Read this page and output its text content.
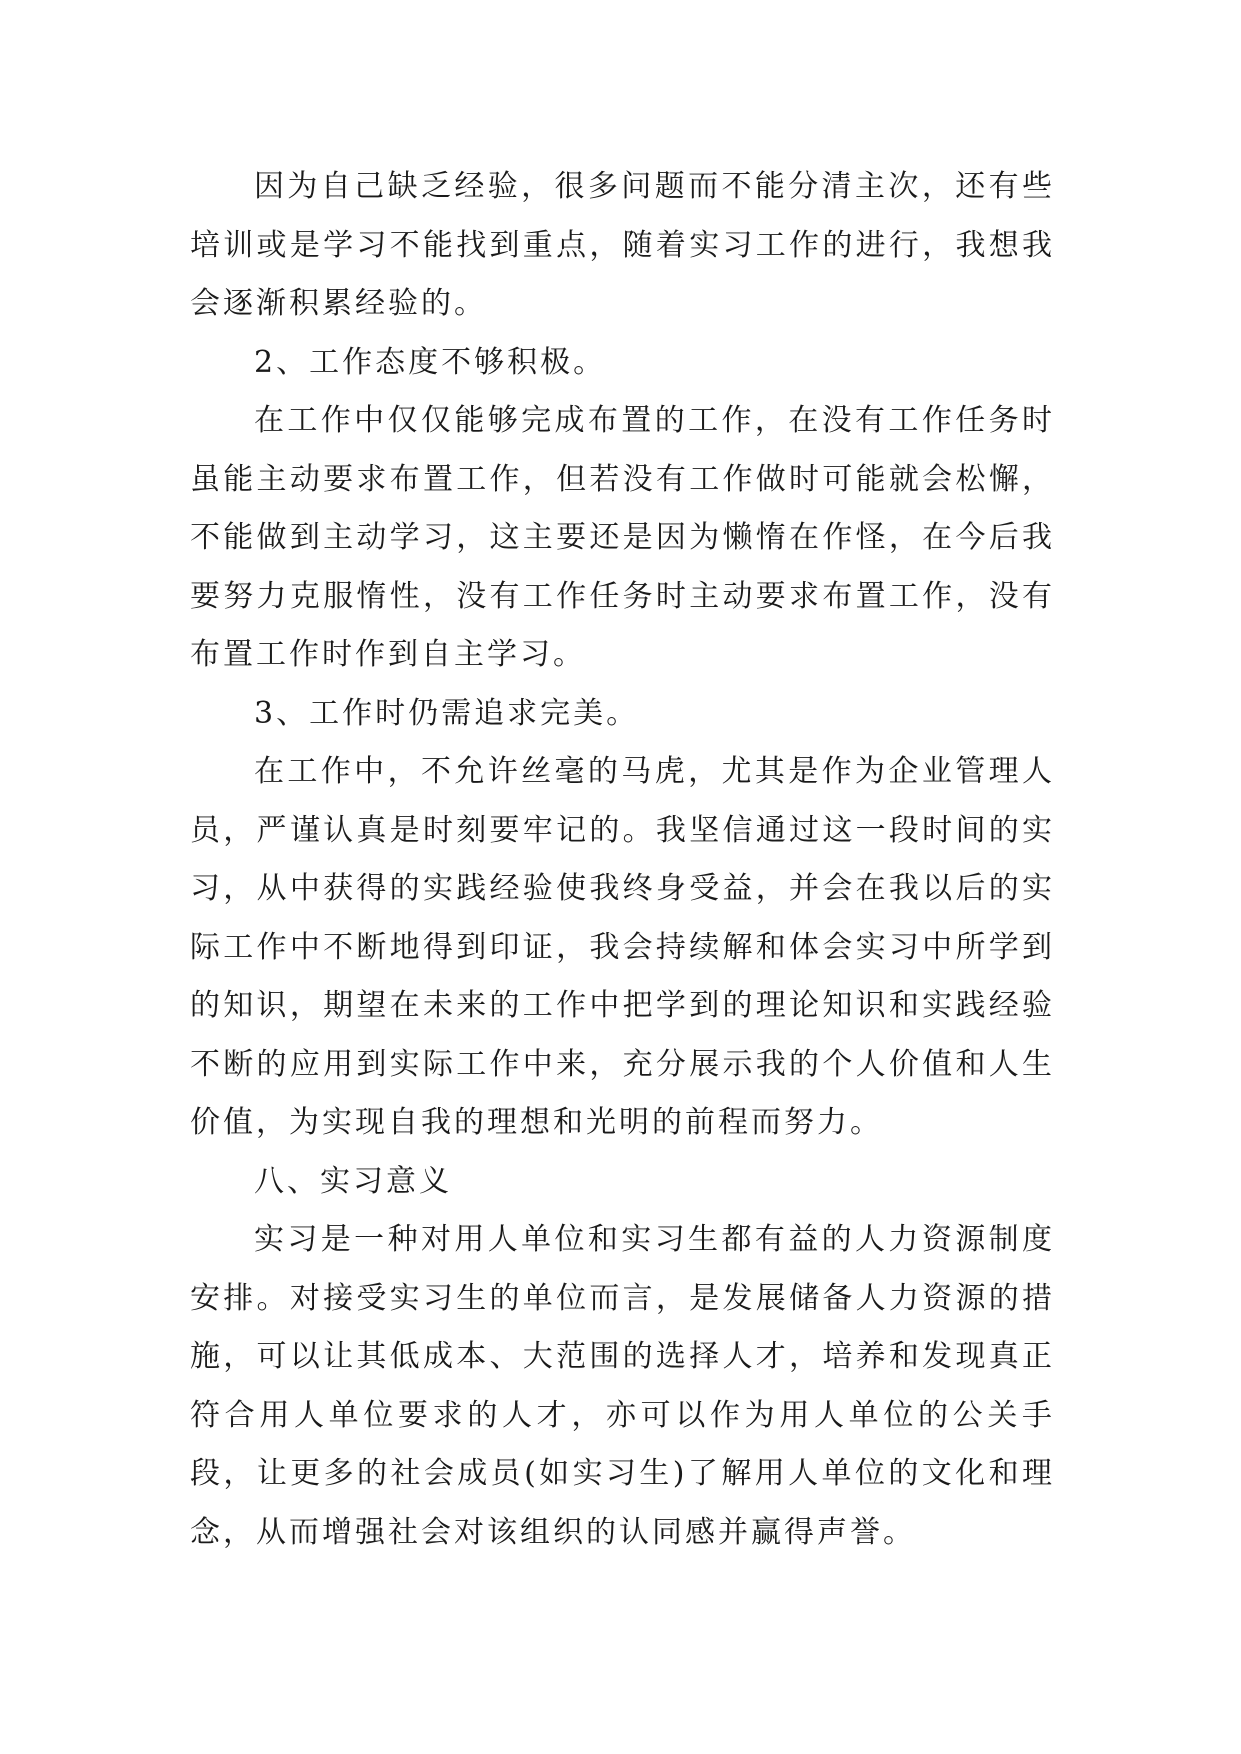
因为自己缺乏经验，很多问题而不能分清主次，还有些培训或是学习不能找到重点，随着实习工作的进行，我想我会逐渐积累经验的。

2、工作态度不够积极。

在工作中仅仅能够完成布置的工作，在没有工作任务时虽能主动要求布置工作，但若没有工作做时可能就会松懈，不能做到主动学习，这主要还是因为懒惰在作怪，在今后我要努力克服惰性，没有工作任务时主动要求布置工作，没有布置工作时作到自主学习。

3、工作时仍需追求完美。

在工作中，不允许丝毫的马虎，尤其是作为企业管理人员，严谨认真是时刻要牢记的。我坚信通过这一段时间的实习，从中获得的实践经验使我终身受益，并会在我以后的实际工作中不断地得到印证，我会持续解和体会实习中所学到的知识，期望在未来的工作中把学到的理论知识和实践经验不断的应用到实际工作中来，充分展示我的个人价值和人生价值，为实现自我的理想和光明的前程而努力。

八、实习意义

实习是一种对用人单位和实习生都有益的人力资源制度安排。对接受实习生的单位而言，是发展储备人力资源的措施，可以让其低成本、大范围的选择人才，培养和发现真正符合用人单位要求的人才，亦可以作为用人单位的公关手段，让更多的社会成员(如实习生)了解用人单位的文化和理念，从而增强社会对该组织的认同感并赢得声誉。
